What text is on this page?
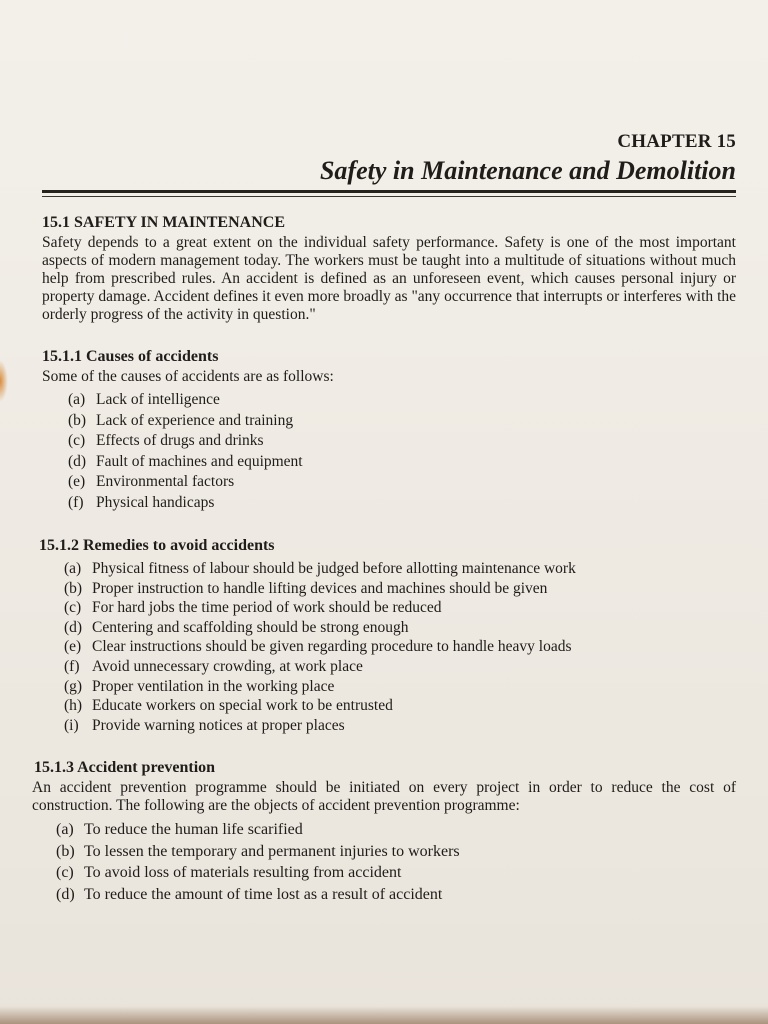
CHAPTER 15
Safety in Maintenance and Demolition
15.1 SAFETY IN MAINTENANCE

Safety depends to a great extent on the individual safety performance. Safety is one of the most important aspects of modern management today. The workers must be taught into a multitude of situations without much help from prescribed rules. An accident is defined as an unforeseen event, which causes personal injury or property damage. Accident defines it even more broadly as "any occurrence that interrupts or interferes with the orderly progress of the activity in question."

15.1.1 Causes of accidents

Some of the causes of accidents are as follows:

(a) Lack of intelligence
(b) Lack of experience and training
(c) Effects of drugs and drinks
(d) Fault of machines and equipment
(e) Environmental factors
(f) Physical handicaps
15.1.2 Remedies to avoid accidents
(a) Physical fitness of labour should be judged before allotting maintenance work
(b) Proper instruction to handle lifting devices and machines should be given
(c) For hard jobs the time period of work should be reduced
(d) Centering and scaffolding should be strong enough
(e) Clear instructions should be given regarding procedure to handle heavy loads
(f) Avoid unnecessary crowding, at work place
(g) Proper ventilation in the working place
(h) Educate workers on special work to be entrusted
(i) Provide warning notices at proper places
15.1.3 Accident prevention

An accident prevention programme should be initiated on every project in order to reduce the cost of construction. The following are the objects of accident prevention programme:

(a) To reduce the human life scarified
(b) To lessen the temporary and permanent injuries to workers
(c) To avoid loss of materials resulting from accident
(d) To reduce the amount of time lost as a result of accident
